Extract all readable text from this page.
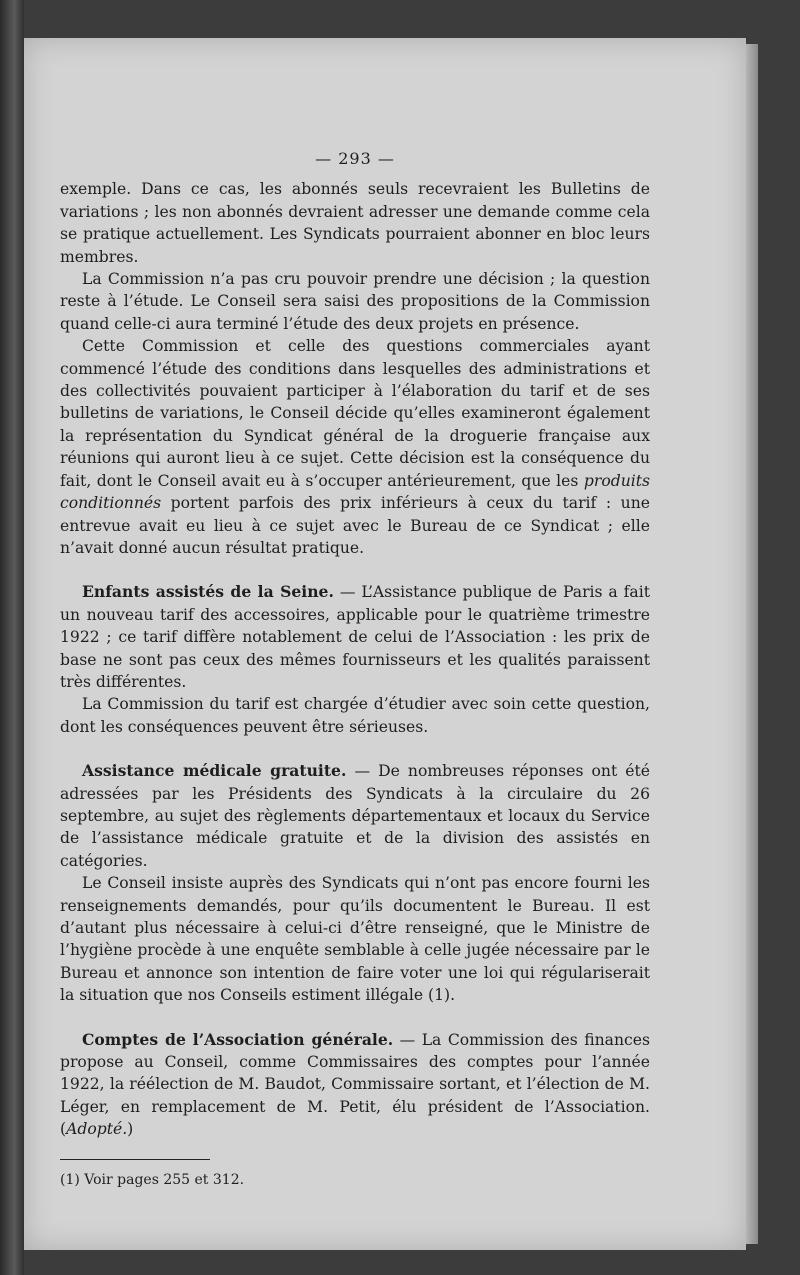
— 293 —

exemple. Dans ce cas, les abonnés seuls recevraient les Bulletins de variations ; les non abonnés devraient adresser une demande comme cela se pratique actuellement. Les Syndicats pourraient abonner en bloc leurs membres.

La Commission n’a pas cru pouvoir prendre une décision ; la question reste à l’étude. Le Conseil sera saisi des propositions de la Commission quand celle-ci aura terminé l’étude des deux projets en présence.

Cette Commission et celle des questions commerciales ayant commencé l’étude des conditions dans lesquelles des administrations et des collectivités pouvaient participer à l’élaboration du tarif et de ses bulletins de variations, le Conseil décide qu’elles examineront également la représentation du Syndicat général de la droguerie française aux réunions qui auront lieu à ce sujet. Cette décision est la conséquence du fait, dont le Conseil avait eu à s’occuper antérieurement, que les produits conditionnés portent parfois des prix inférieurs à ceux du tarif : une entrevue avait eu lieu à ce sujet avec le Bureau de ce Syndicat ; elle n’avait donné aucun résultat pratique.

Enfants assistés de la Seine. — L’Assistance publique de Paris a fait un nouveau tarif des accessoires, applicable pour le quatrième trimestre 1922 ; ce tarif diffère notablement de celui de l’Association : les prix de base ne sont pas ceux des mêmes fournisseurs et les qualités paraissent très différentes.

La Commission du tarif est chargée d’étudier avec soin cette question, dont les conséquences peuvent être sérieuses.

Assistance médicale gratuite. — De nombreuses réponses ont été adressées par les Présidents des Syndicats à la circulaire du 26 septembre, au sujet des règlements départementaux et locaux du Service de l’assistance médicale gratuite et de la division des assistés en catégories.

Le Conseil insiste auprès des Syndicats qui n’ont pas encore fourni les renseignements demandés, pour qu’ils documentent le Bureau. Il est d’autant plus nécessaire à celui-ci d’être renseigné, que le Ministre de l’hygiène procède à une enquête semblable à celle jugée nécessaire par le Bureau et annonce son intention de faire voter une loi qui régulariserait la situation que nos Conseils estiment illégale (1).

Comptes de l’Association générale. — La Commission des finances propose au Conseil, comme Commissaires des comptes pour l’année 1922, la réélection de M. Baudot, Commissaire sortant, et l’élection de M. Léger, en remplacement de M. Petit, élu président de l’Association. (Adopté.)

(1) Voir pages 255 et 312.
